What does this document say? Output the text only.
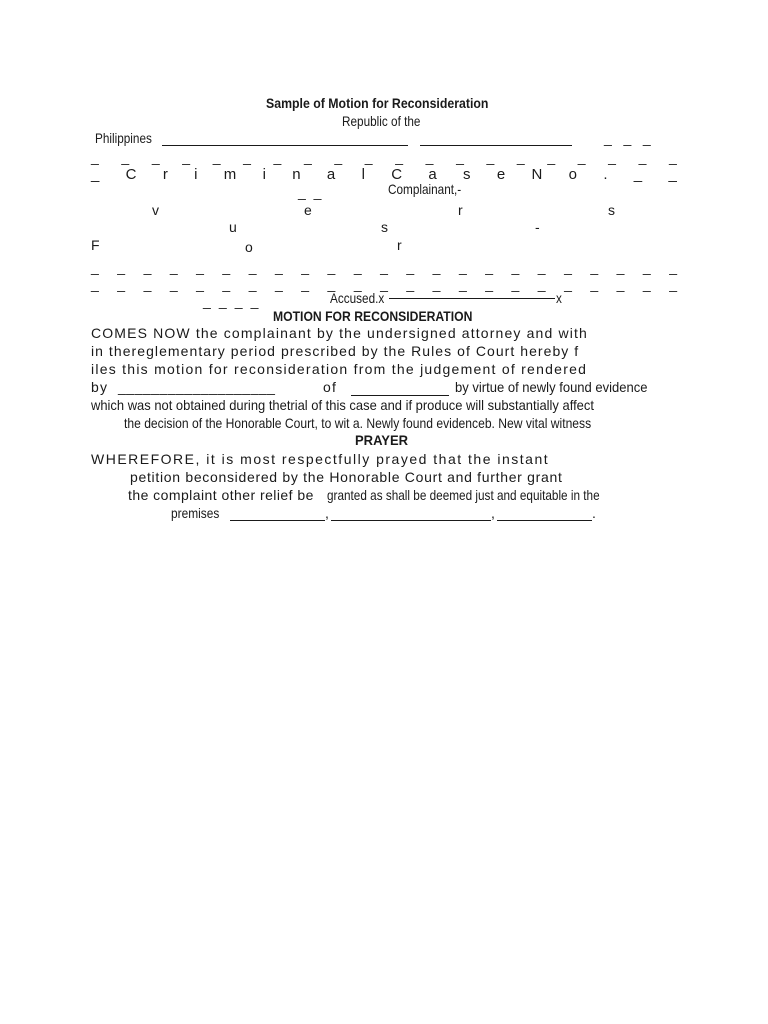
Sample of Motion for Reconsideration
Republic of the
Philippines	_   _   _
_ _ _ _ _ _ _ _ _ _ _ _ _ _ _ _ _ _ _ _
_ C r i m i n a l C a s e N o . _ _
_  _	Complainant,-
v	e	r	s
u	s	-
F	o	r
_ _ _ _ _ _ _ _ _ _ _ _ _ _ _ _ _ _ _ _ _ _ _
_ _ _ _ _ _ _ _ _ _ _ _ _ _ _ _ _ _ _ _ _ _ _
_ _ _ _	Accused.x	x
MOTION FOR RECONSIDERATION
COMES NOW the complainant by the undersigned attorney and with
in thereglementary period prescribed by the Rules of Court hereby f
iles this motion for reconsideration from the judgement of rendered
by ___________________	of	by virtue of newly found evidence
which was not obtained during thetrial of this case and if produce will substantially affect
the decision of the Honorable Court, to wit a. Newly found evidenceb. New vital witness
PRAYER
WHEREFORE, it is most respectfully prayed that the instant
petition beconsidered by the Honorable Court and further grant
the complaint other relief be granted as shall be deemed just and equitable in the
premises	,	,	.
